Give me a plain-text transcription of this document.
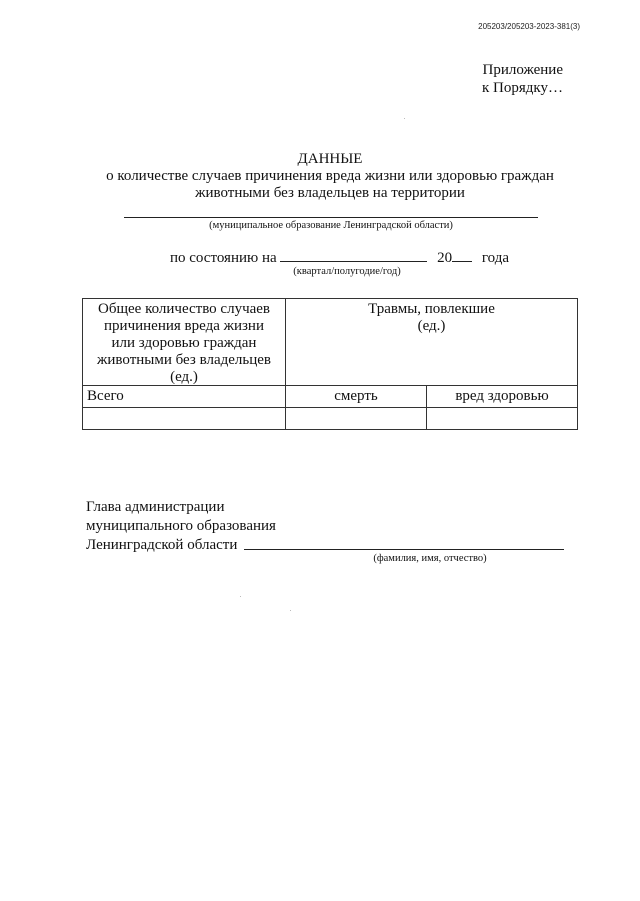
205203/205203-2023-381(3)
Приложение
к Порядку…
ДАННЫЕ
о количестве случаев причинения вреда жизни или здоровью граждан
животными без владельцев на территории
(муниципальное образование Ленинградской области)
по состоянию на	20 года
(квартал/полугодие/год)
Общее количество случаев
причинения вреда жизни
или здоровью граждан
животными без владельцев
(ед.)
Травмы, повлекшие
(ед.)
Всего	смерть	вред здоровью
Глава администрации
муниципального образования
Ленинградской области
(фамилия, имя, отчество)
